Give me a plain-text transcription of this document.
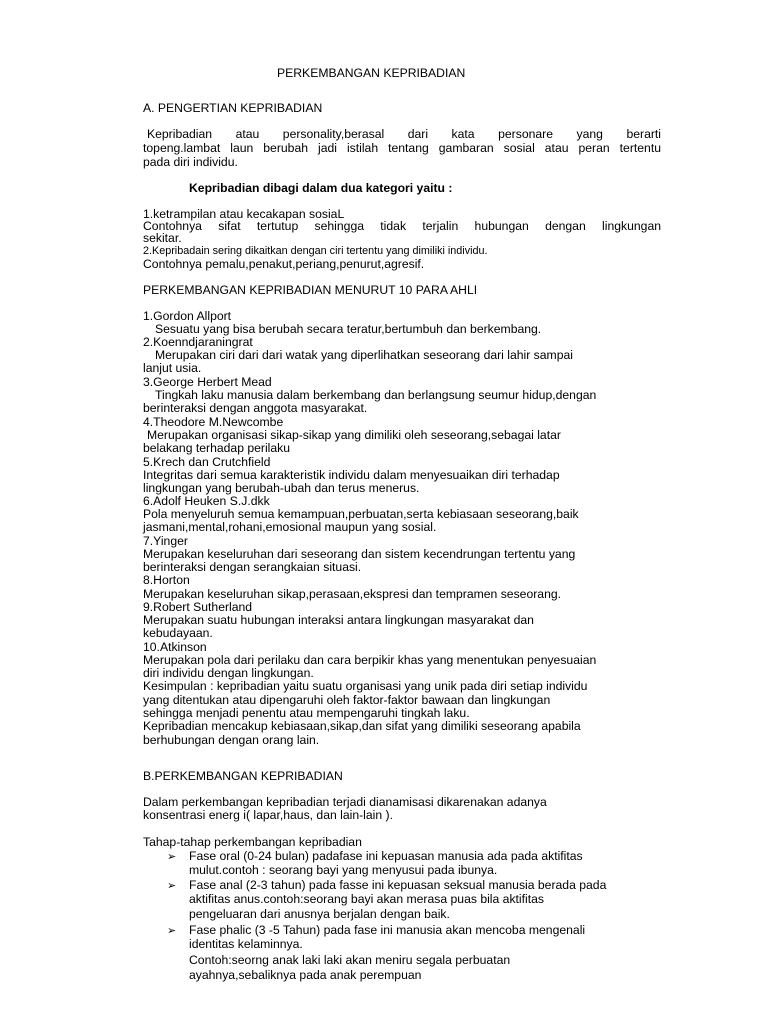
PERKEMBANGAN KEPRIBADIAN
A. PENGERTIAN KEPRIBADIAN
Kepribadian atau personality,berasal dari kata personare yang berarti
topeng.lambat laun berubah jadi istilah tentang gambaran sosial atau peran tertentu
pada diri individu.
Kepribadian dibagi dalam dua kategori yaitu :
1.ketrampilan atau kecakapan sosiaL
Contohnya sifat tertutup sehingga tidak terjalin hubungan dengan lingkungan
sekitar.
2.Kepribadain sering dikaitkan dengan ciri tertentu yang dimiliki individu.
Contohnya pemalu,penakut,periang,penurut,agresif.
PERKEMBANGAN KEPRIBADIAN MENURUT 10 PARA AHLI
1.Gordon Allport
Sesuatu yang bisa berubah secara teratur,bertumbuh dan berkembang.
2.Koenndjaraningrat
Merupakan ciri dari dari watak yang diperlihatkan seseorang dari lahir sampai
lanjut usia.
3.George Herbert Mead
Tingkah laku manusia dalam berkembang dan berlangsung seumur hidup,dengan
berinteraksi dengan anggota masyarakat.
4.Theodore M.Newcombe
Merupakan organisasi sikap-sikap yang dimiliki oleh seseorang,sebagai latar
belakang terhadap perilaku
5.Krech dan Crutchfield
Integritas dari semua karakteristik individu dalam menyesuaikan diri terhadap
lingkungan yang berubah-ubah dan terus menerus.
6.Adolf Heuken S.J.dkk
Pola menyeluruh semua kemampuan,perbuatan,serta kebiasaan seseorang,baik
jasmani,mental,rohani,emosional maupun yang sosial.
7.Yinger
Merupakan keseluruhan dari seseorang dan sistem kecendrungan tertentu yang
berinteraksi dengan serangkaian situasi.
8.Horton
Merupakan keseluruhan sikap,perasaan,ekspresi dan tempramen seseorang.
9.Robert Sutherland
Merupakan suatu hubungan interaksi antara lingkungan masyarakat dan
kebudayaan.
10.Atkinson
Merupakan pola dari perilaku dan cara berpikir khas yang menentukan penyesuaian
diri individu dengan lingkungan.
Kesimpulan : kepribadian yaitu suatu organisasi yang unik pada diri setiap individu
yang ditentukan atau dipengaruhi oleh faktor-faktor bawaan dan lingkungan
sehingga menjadi penentu atau mempengaruhi tingkah laku.
Kepribadian mencakup kebiasaan,sikap,dan sifat yang dimiliki seseorang apabila
berhubungan dengan orang lain.
B.PERKEMBANGAN KEPRIBADIAN
Dalam perkembangan kepribadian terjadi dianamisasi dikarenakan adanya
konsentrasi energ i( lapar,haus, dan lain-lain ).
Tahap-tahap perkembangan kepribadian
➢ Fase oral (0-24 bulan) padafase ini kepuasan manusia ada pada aktifitas
mulut.contoh : seorang bayi yang menyusui pada ibunya.
➢ Fase anal (2-3 tahun) pada fasse ini kepuasan seksual manusia berada pada
aktifitas anus.contoh:seorang bayi akan merasa puas bila aktifitas
pengeluaran dari anusnya berjalan dengan baik.
➢ Fase phalic (3 -5 Tahun) pada fase ini manusia akan mencoba mengenali
identitas kelaminnya.
Contoh:seorng anak laki laki akan meniru segala perbuatan
ayahnya,sebaliknya pada anak perempuan
